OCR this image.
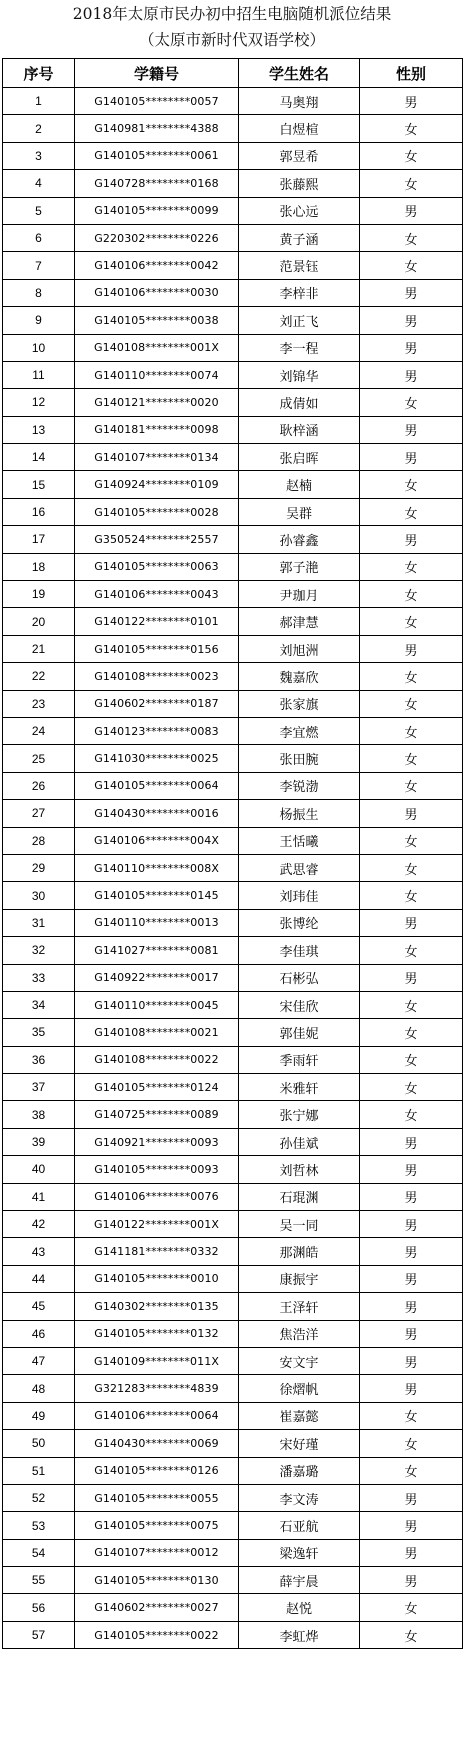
2018年太原市民办初中招生电脑随机派位结果
（太原市新时代双语学校）
序号	学籍号	学生姓名	性别
1	G140105********0057	马奥翔	男
2	G140981********4388	白煜楦	女
3	G140105********0061	郭昱希	女
4	G140728********0168	张藤熙	女
5	G140105********0099	张心远	男
6	G220302********0226	黄子涵	女
7	G140106********0042	范景钰	女
8	G140106********0030	李梓非	男
9	G140105********0038	刘正飞	男
10	G140108********001X	李一程	男
11	G140110********0074	刘锦华	男
12	G140121********0020	成倩如	女
13	G140181********0098	耿梓涵	男
14	G140107********0134	张启晖	男
15	G140924********0109	赵楠	女
16	G140105********0028	吴群	女
17	G350524********2557	孙睿鑫	男
18	G140105********0063	郭子滟	女
19	G140106********0043	尹珈月	女
20	G140122********0101	郝津慧	女
21	G140105********0156	刘旭洲	男
22	G140108********0023	魏嘉欣	女
23	G140602********0187	张家旗	女
24	G140123********0083	李宜燃	女
25	G141030********0025	张田腕	女
26	G140105********0064	李锐渤	女
27	G140430********0016	杨振生	男
28	G140106********004X	王恬曦	女
29	G140110********008X	武思睿	女
30	G140105********0145	刘玮佳	女
31	G140110********0013	张博纶	男
32	G141027********0081	李佳琪	女
33	G140922********0017	石彬弘	男
34	G140110********0045	宋佳欣	女
35	G140108********0021	郭佳妮	女
36	G140108********0022	季雨轩	女
37	G140105********0124	米雅轩	女
38	G140725********0089	张宁娜	女
39	G140921********0093	孙佳斌	男
40	G140105********0093	刘哲林	男
41	G140106********0076	石琨渊	男
42	G140122********001X	吴一同	男
43	G141181********0332	那渊皓	男
44	G140105********0010	康振宇	男
45	G140302********0135	王泽轩	男
46	G140105********0132	焦浩洋	男
47	G140109********011X	安文宇	男
48	G321283********4839	徐熠帆	男
49	G140106********0064	崔嘉懿	女
50	G140430********0069	宋好瑾	女
51	G140105********0126	潘嘉璐	女
52	G140105********0055	李文涛	男
53	G140105********0075	石亚航	男
54	G140107********0012	梁逸轩	男
55	G140105********0130	薛宇晨	男
56	G140602********0027	赵悦	女
57	G140105********0022	李虹烨	女
